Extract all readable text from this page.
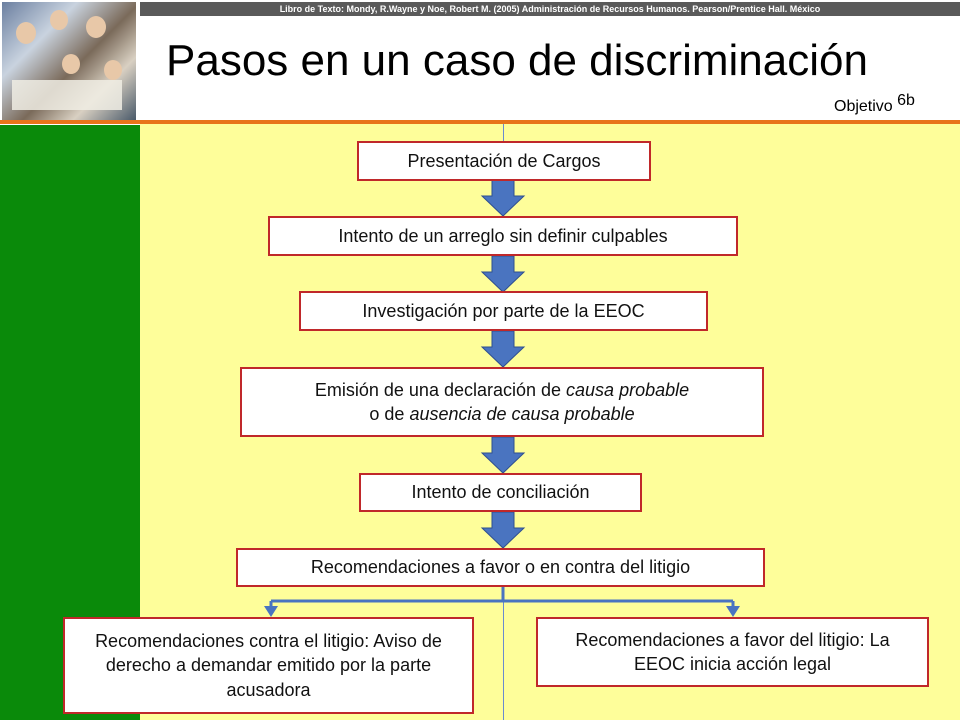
Libro de Texto: Mondy, R.Wayne y Noe, Robert M. (2005) Administración de Recursos Humanos. Pearson/Prentice Hall. México
Pasos en un caso de discriminación
Objetivo 6b
Presentación de Cargos
Intento de un arreglo sin definir culpables
Investigación por parte de la EEOC
Emisión de una declaración de causa probable
o de ausencia de causa probable
Intento de conciliación
Recomendaciones a favor o en contra del litigio
Recomendaciones contra el litigio: Aviso de derecho a demandar emitido por la parte acusadora
Recomendaciones a favor del litigio: La EEOC inicia acción legal
